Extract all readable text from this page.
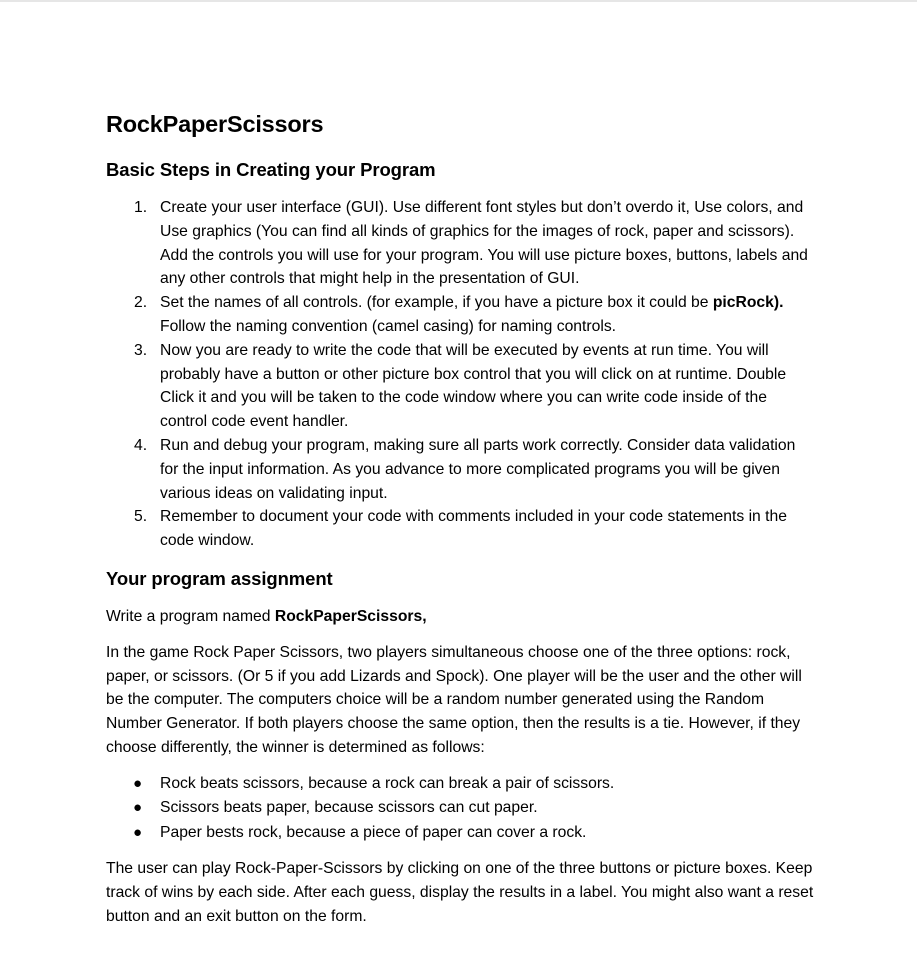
RockPaperScissors
Basic Steps in Creating your Program
1. Create your user interface (GUI). Use different font styles but don’t overdo it, Use colors, and Use graphics (You can find all kinds of graphics for the images of rock, paper and scissors). Add the controls you will use for your program. You will use picture boxes, buttons, labels and any other controls that might help in the presentation of GUI.
2. Set the names of all controls. (for example, if you have a picture box it could be picRock). Follow the naming convention (camel casing) for naming controls.
3. Now you are ready to write the code that will be executed by events at run time. You will probably have a button or other picture box control that you will click on at runtime. Double Click it and you will be taken to the code window where you can write code inside of the control code event handler.
4. Run and debug your program, making sure all parts work correctly. Consider data validation for the input information. As you advance to more complicated programs you will be given various ideas on validating input.
5. Remember to document your code with comments included in your code statements in the code window.
Your program assignment

Write a program named RockPaperScissors,

In the game Rock Paper Scissors, two players simultaneous choose one of the three options: rock, paper, or scissors. (Or 5 if you add Lizards and Spock). One player will be the user and the other will be the computer. The computers choice will be a random number generated using the Random Number Generator. If both players choose the same option, then the results is a tie. However, if they choose differently, the winner is determined as follows:

● Rock beats scissors, because a rock can break a pair of scissors.
● Scissors beats paper, because scissors can cut paper.
● Paper bests rock, because a piece of paper can cover a rock.

The user can play Rock-Paper-Scissors by clicking on one of the three buttons or picture boxes. Keep track of wins by each side. After each guess, display the results in a label. You might also want a reset button and an exit button on the form.
